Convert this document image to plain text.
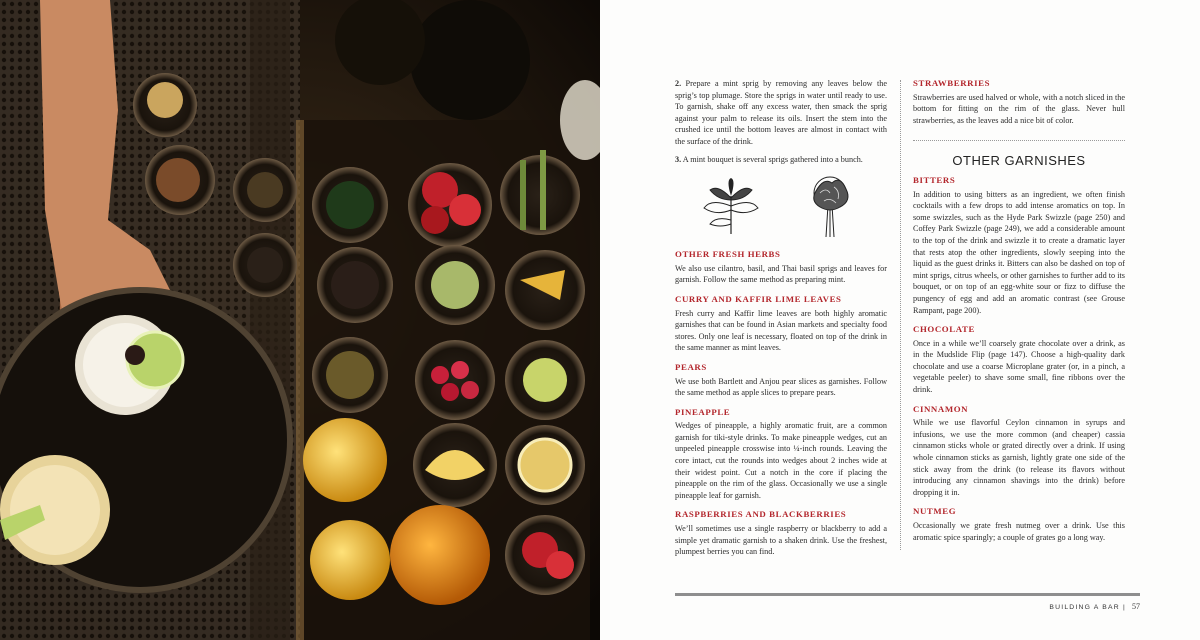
2. Prepare a mint sprig by removing any leaves below the sprig’s top plumage. Store the sprigs in water until ready to use. To garnish, shake off any excess water, then smack the sprig against your palm to release its oils. Insert the stem into the crushed ice until the bottom leaves are almost in contact with the surface of the drink.
3. A mint bouquet is several sprigs gathered into a bunch.
OTHER FRESH HERBS

We also use cilantro, basil, and Thai basil sprigs and leaves for garnish. Follow the same method as preparing mint.

CURRY AND KAFFIR LIME LEAVES

Fresh curry and Kaffir lime leaves are both highly aromatic garnishes that can be found in Asian markets and specialty food stores. Only one leaf is necessary, floated on top of the drink in the same manner as mint leaves.

PEARS

We use both Bartlett and Anjou pear slices as garnishes. Follow the same method as apple slices to prepare pears.

PINEAPPLE

Wedges of pineapple, a highly aromatic fruit, are a common garnish for tiki-style drinks. To make pineapple wedges, cut an unpeeled pineapple crosswise into ¼-inch rounds. Leaving the core intact, cut the rounds into wedges about 2 inches wide at their widest point. Cut a notch in the core if placing the pineapple on the rim of the glass. Occasionally we use a single pineapple leaf for garnish.

RASPBERRIES AND BLACKBERRIES

We’ll sometimes use a single raspberry or blackberry to add a simple yet dramatic garnish to a shaken drink. Use the freshest, plumpest berries you can find.

STRAWBERRIES

Strawberries are used halved or whole, with a notch sliced in the bottom for fitting on the rim of the glass. Never hull strawberries, as the leaves add a nice bit of color.

OTHER GARNISHES
BITTERS

In addition to using bitters as an ingredient, we often finish cocktails with a few drops to add intense aromatics on top. In some swizzles, such as the Hyde Park Swizzle (page 250) and Coffey Park Swizzle (page 249), we add a considerable amount to the top of the drink and swizzle it to create a dramatic layer that rests atop the other ingredients, slowly seeping into the liquid as the guest drinks it. Bitters can also be dashed on top of mint sprigs, citrus wheels, or other garnishes to further add to its bouquet, or on top of an egg-white sour or fizz to diffuse the pungency of egg and add an aromatic contrast (see Grouse Rampant, page 200).

CHOCOLATE

Once in a while we’ll coarsely grate chocolate over a drink, as in the Mudslide Flip (page 147). Choose a high-quality dark chocolate and use a coarse Microplane grater (or, in a pinch, a vegetable peeler) to shave some small, fine ribbons over the drink.

CINNAMON

While we use flavorful Ceylon cinnamon in syrups and infusions, we use the more common (and cheaper) cassia cinnamon sticks whole or grated directly over a drink. If using whole cinnamon sticks as garnish, lightly grate one side of the stick away from the drink (to release its flavors without introducing any cinnamon shavings into the drink) before dropping it in.

NUTMEG

Occasionally we grate fresh nutmeg over a drink. Use this aromatic spice sparingly; a couple of grates go a long way.

BUILDING A BAR | 57
